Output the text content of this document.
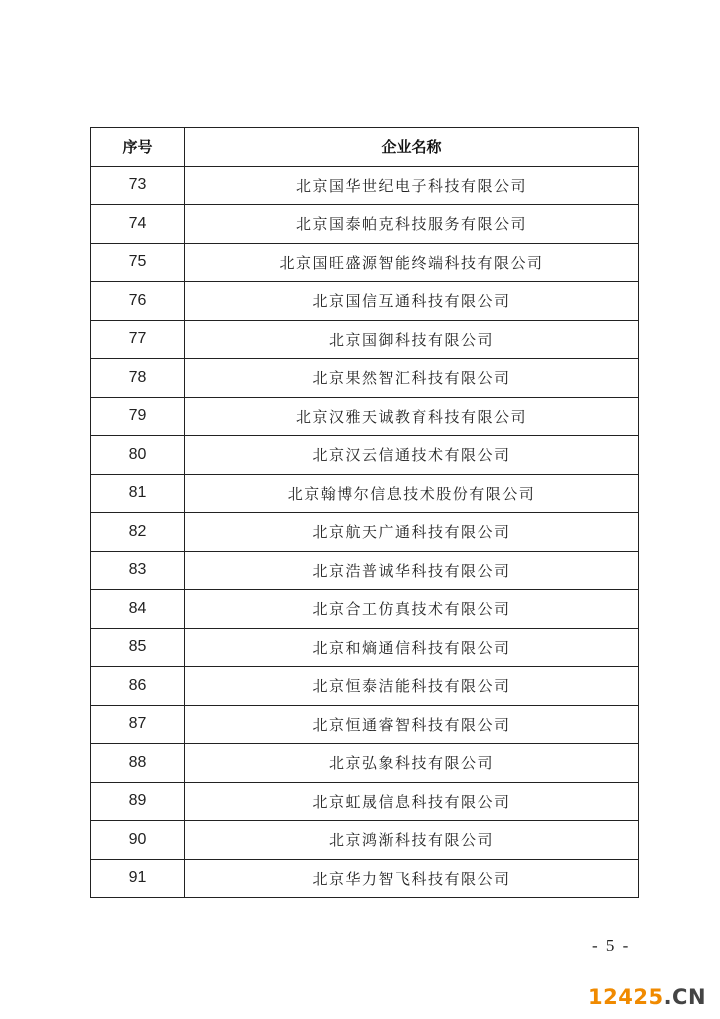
序号	企业名称
73	北京国华世纪电子科技有限公司
74	北京国泰帕克科技服务有限公司
75	北京国旺盛源智能终端科技有限公司
76	北京国信互通科技有限公司
77	北京国御科技有限公司
78	北京果然智汇科技有限公司
79	北京汉雅天诚教育科技有限公司
80	北京汉云信通技术有限公司
81	北京翰博尔信息技术股份有限公司
82	北京航天广通科技有限公司
83	北京浩普诚华科技有限公司
84	北京合工仿真技术有限公司
85	北京和熵通信科技有限公司
86	北京恒泰洁能科技有限公司
87	北京恒通睿智科技有限公司
88	北京弘象科技有限公司
89	北京虹晟信息科技有限公司
90	北京鸿渐科技有限公司
91	北京华力智飞科技有限公司
- 5 -
12425.CN
